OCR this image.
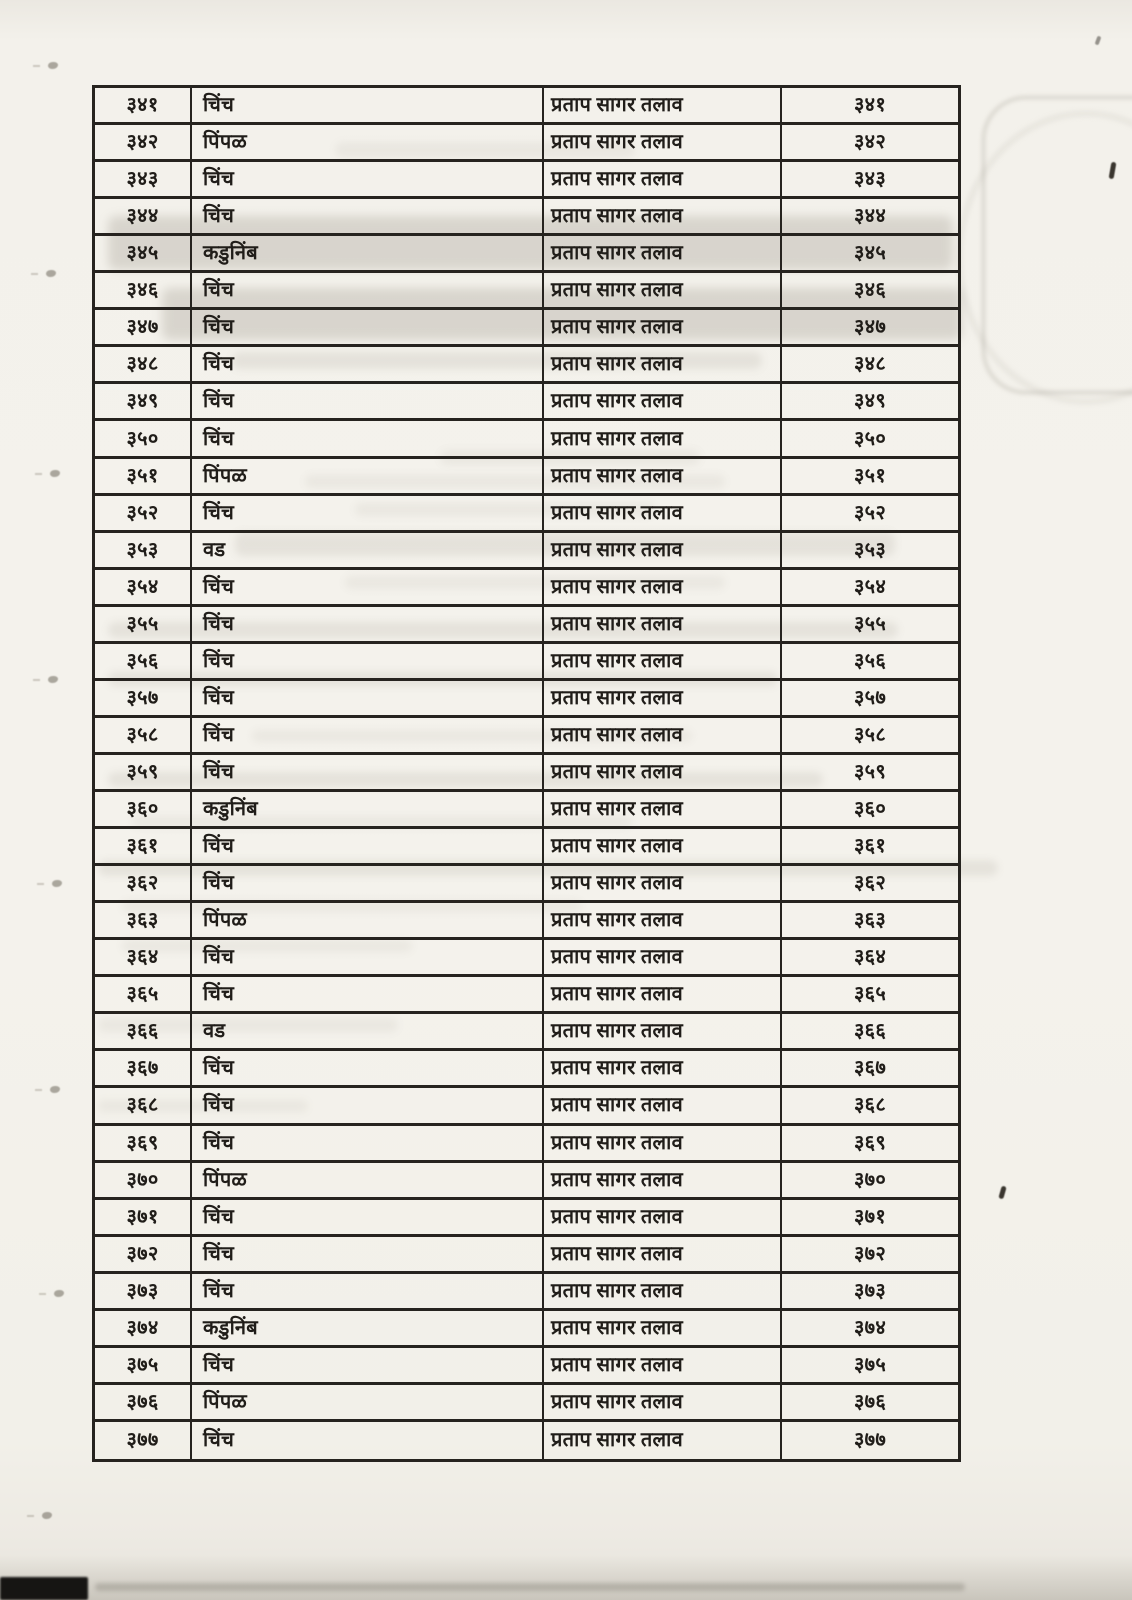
३४१	चिंच	प्रताप सागर तलाव	३४१
३४२	पिंपळ	प्रताप सागर तलाव	३४२
३४३	चिंच	प्रताप सागर तलाव	३४३
३४४	चिंच	प्रताप सागर तलाव	३४४
३४५	कडुनिंब	प्रताप सागर तलाव	३४५
३४६	चिंच	प्रताप सागर तलाव	३४६
३४७	चिंच	प्रताप सागर तलाव	३४७
३४८	चिंच	प्रताप सागर तलाव	३४८
३४९	चिंच	प्रताप सागर तलाव	३४९
३५०	चिंच	प्रताप सागर तलाव	३५०
३५१	पिंपळ	प्रताप सागर तलाव	३५१
३५२	चिंच	प्रताप सागर तलाव	३५२
३५३	वड	प्रताप सागर तलाव	३५३
३५४	चिंच	प्रताप सागर तलाव	३५४
३५५	चिंच	प्रताप सागर तलाव	३५५
३५६	चिंच	प्रताप सागर तलाव	३५६
३५७	चिंच	प्रताप सागर तलाव	३५७
३५८	चिंच	प्रताप सागर तलाव	३५८
३५९	चिंच	प्रताप सागर तलाव	३५९
३६०	कडुनिंब	प्रताप सागर तलाव	३६०
३६१	चिंच	प्रताप सागर तलाव	३६१
३६२	चिंच	प्रताप सागर तलाव	३६२
३६३	पिंपळ	प्रताप सागर तलाव	३६३
३६४	चिंच	प्रताप सागर तलाव	३६४
३६५	चिंच	प्रताप सागर तलाव	३६५
३६६	वड	प्रताप सागर तलाव	३६६
३६७	चिंच	प्रताप सागर तलाव	३६७
३६८	चिंच	प्रताप सागर तलाव	३६८
३६९	चिंच	प्रताप सागर तलाव	३६९
३७०	पिंपळ	प्रताप सागर तलाव	३७०
३७१	चिंच	प्रताप सागर तलाव	३७१
३७२	चिंच	प्रताप सागर तलाव	३७२
३७३	चिंच	प्रताप सागर तलाव	३७३
३७४	कडुनिंब	प्रताप सागर तलाव	३७४
३७५	चिंच	प्रताप सागर तलाव	३७५
३७६	पिंपळ	प्रताप सागर तलाव	३७६
३७७	चिंच	प्रताप सागर तलाव	३७७
